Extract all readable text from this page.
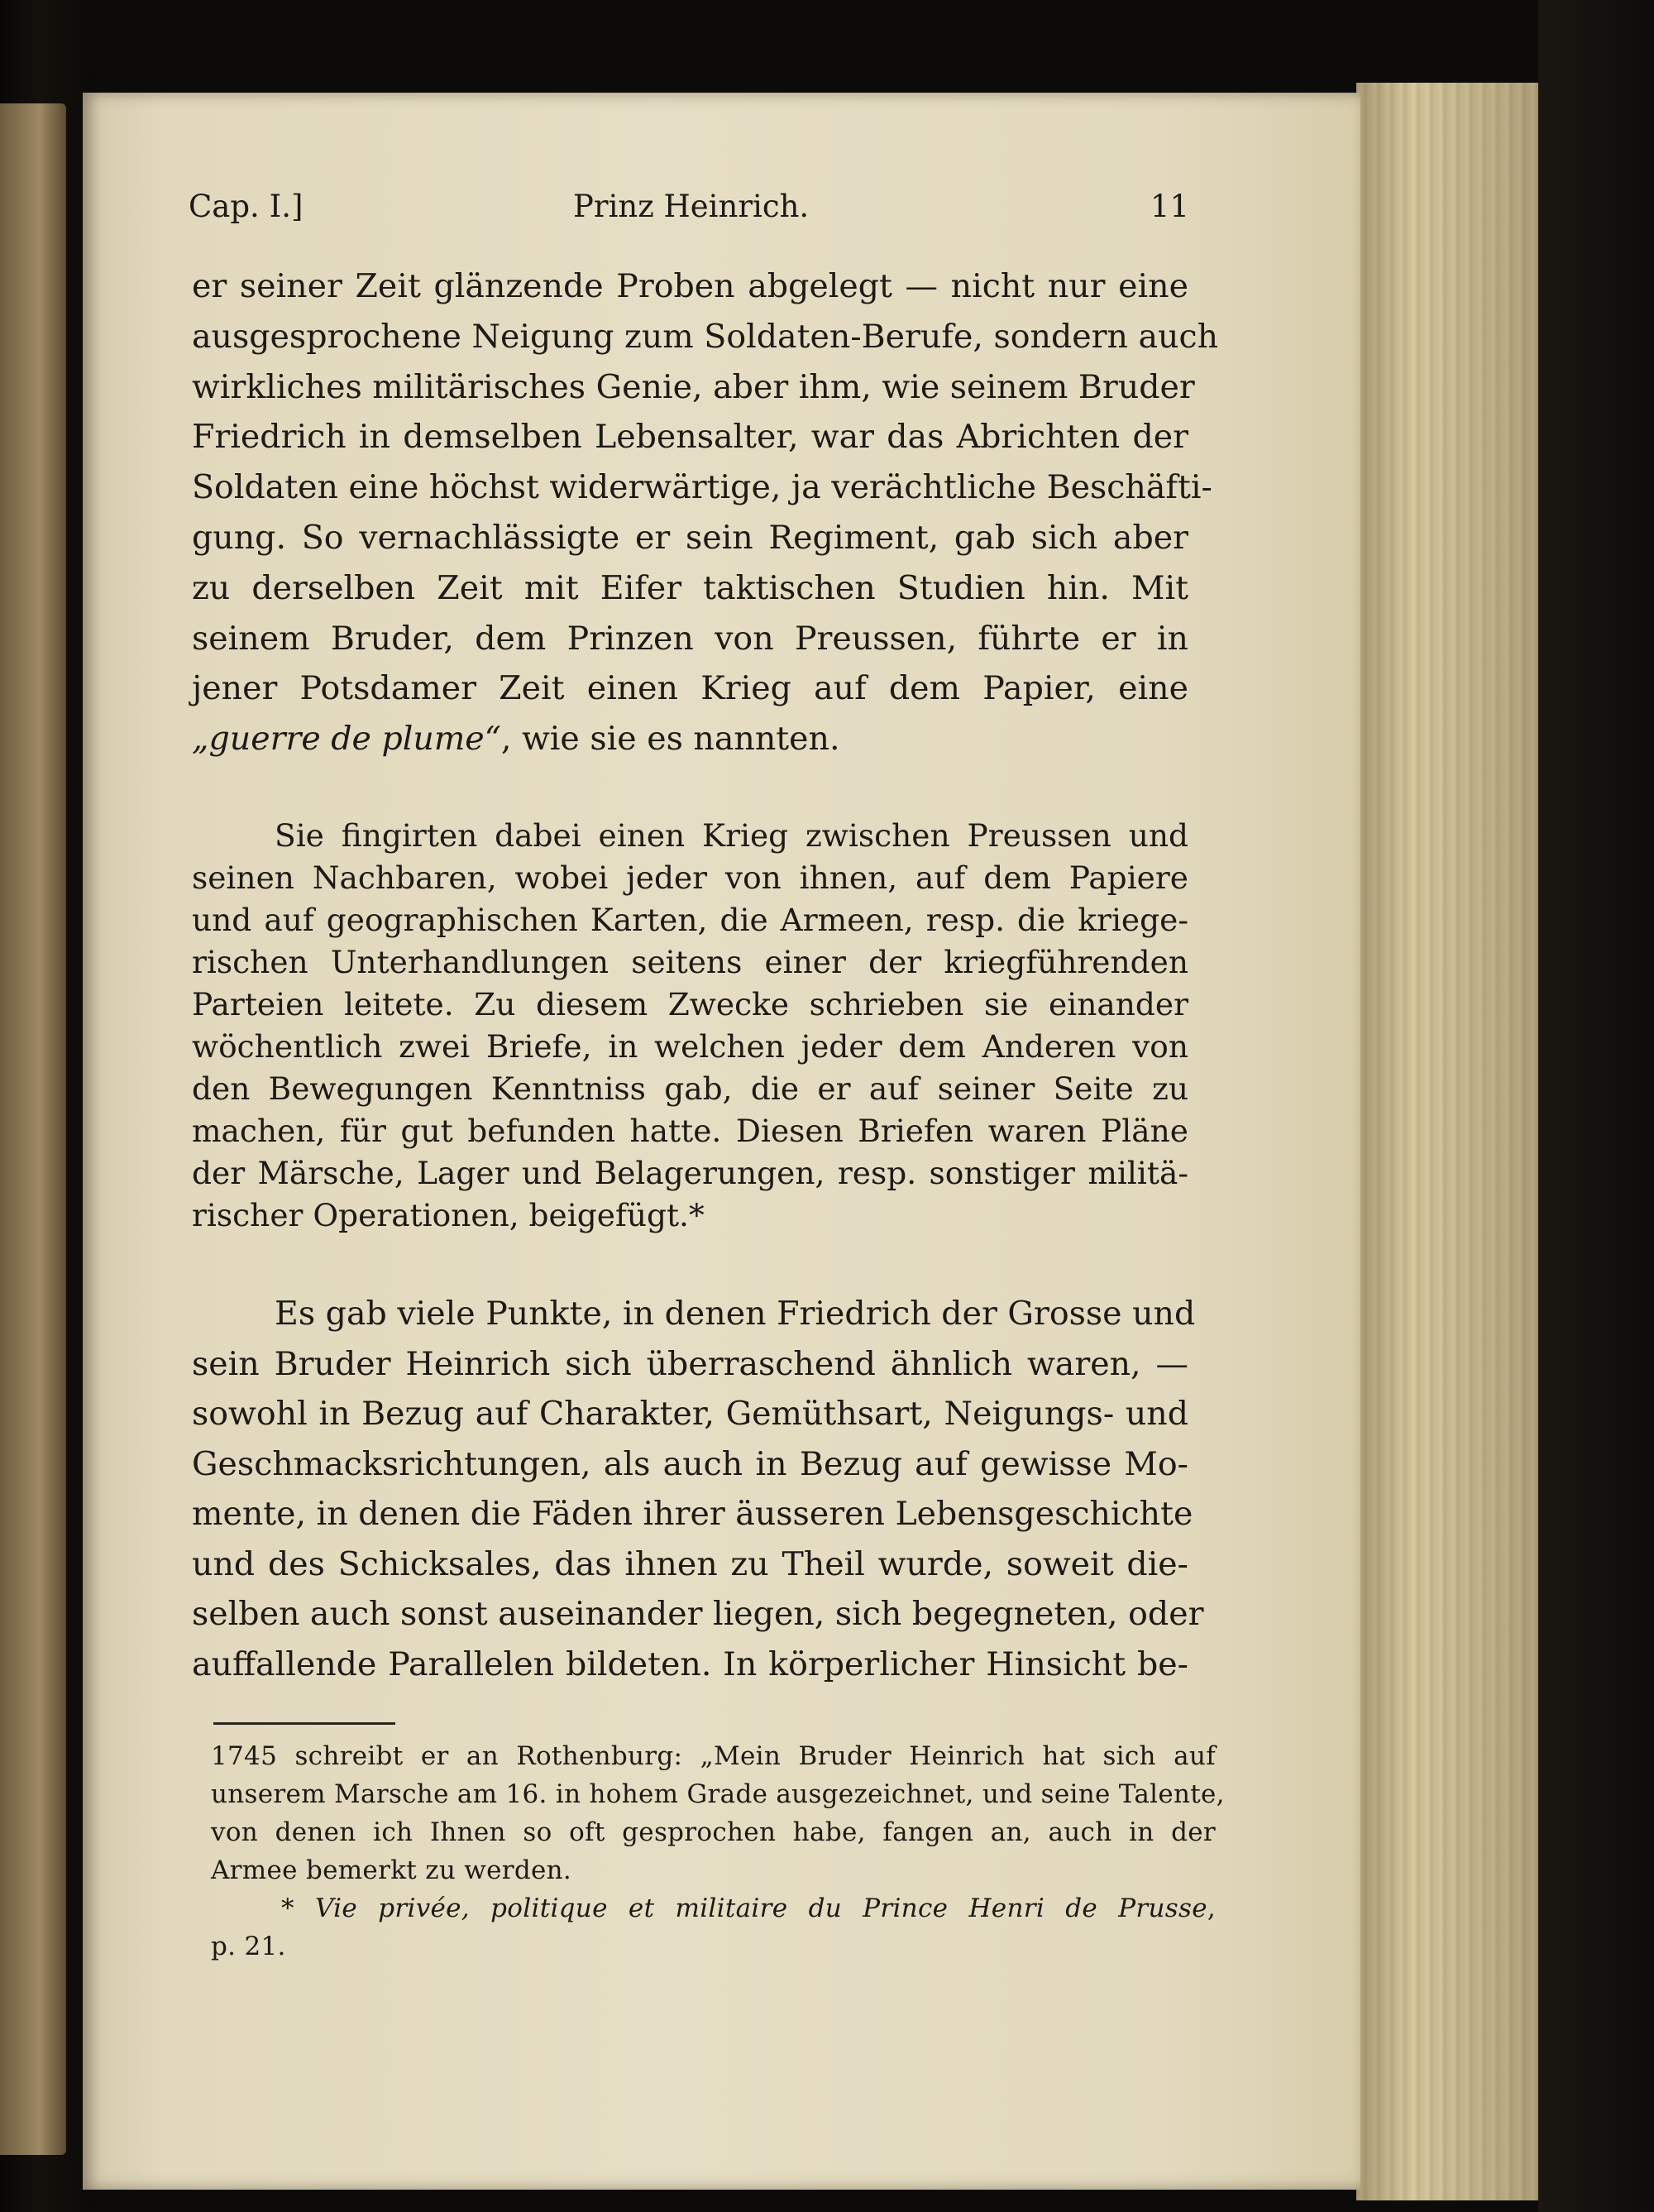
Cap. I.]	Prinz Heinrich.	11
er seiner Zeit glänzende Proben abgelegt — nicht nur eine
ausgesprochene Neigung zum Soldaten-Berufe, sondern auch
wirkliches militärisches Genie, aber ihm, wie seinem Bruder
Friedrich in demselben Lebensalter, war das Abrichten der
Soldaten eine höchst widerwärtige, ja verächtliche Beschäfti-
gung. So vernachlässigte er sein Regiment, gab sich aber
zu derselben Zeit mit Eifer taktischen Studien hin. Mit
seinem Bruder, dem Prinzen von Preussen, führte er in
jener Potsdamer Zeit einen Krieg auf dem Papier, eine
„guerre de plume“, wie sie es nannten.
Sie fingirten dabei einen Krieg zwischen Preussen und
seinen Nachbaren, wobei jeder von ihnen, auf dem Papiere
und auf geographischen Karten, die Armeen, resp. die kriege-
rischen Unterhandlungen seitens einer der kriegführenden
Parteien leitete. Zu diesem Zwecke schrieben sie einander
wöchentlich zwei Briefe, in welchen jeder dem Anderen von
den Bewegungen Kenntniss gab, die er auf seiner Seite zu
machen, für gut befunden hatte. Diesen Briefen waren Pläne
der Märsche, Lager und Belagerungen, resp. sonstiger militä-
rischer Operationen, beigefügt.*
Es gab viele Punkte, in denen Friedrich der Grosse und
sein Bruder Heinrich sich überraschend ähnlich waren, —
sowohl in Bezug auf Charakter, Gemüthsart, Neigungs- und
Geschmacksrichtungen, als auch in Bezug auf gewisse Mo-
mente, in denen die Fäden ihrer äusseren Lebensgeschichte
und des Schicksales, das ihnen zu Theil wurde, soweit die-
selben auch sonst auseinander liegen, sich begegneten, oder
auffallende Parallelen bildeten. In körperlicher Hinsicht be-
1745 schreibt er an Rothenburg: „Mein Bruder Heinrich hat sich auf
unserem Marsche am 16. in hohem Grade ausgezeichnet, und seine Talente,
von denen ich Ihnen so oft gesprochen habe, fangen an, auch in der
Armee bemerkt zu werden.
* Vie privée, politique et militaire du Prince Henri de Prusse,
p. 21.
